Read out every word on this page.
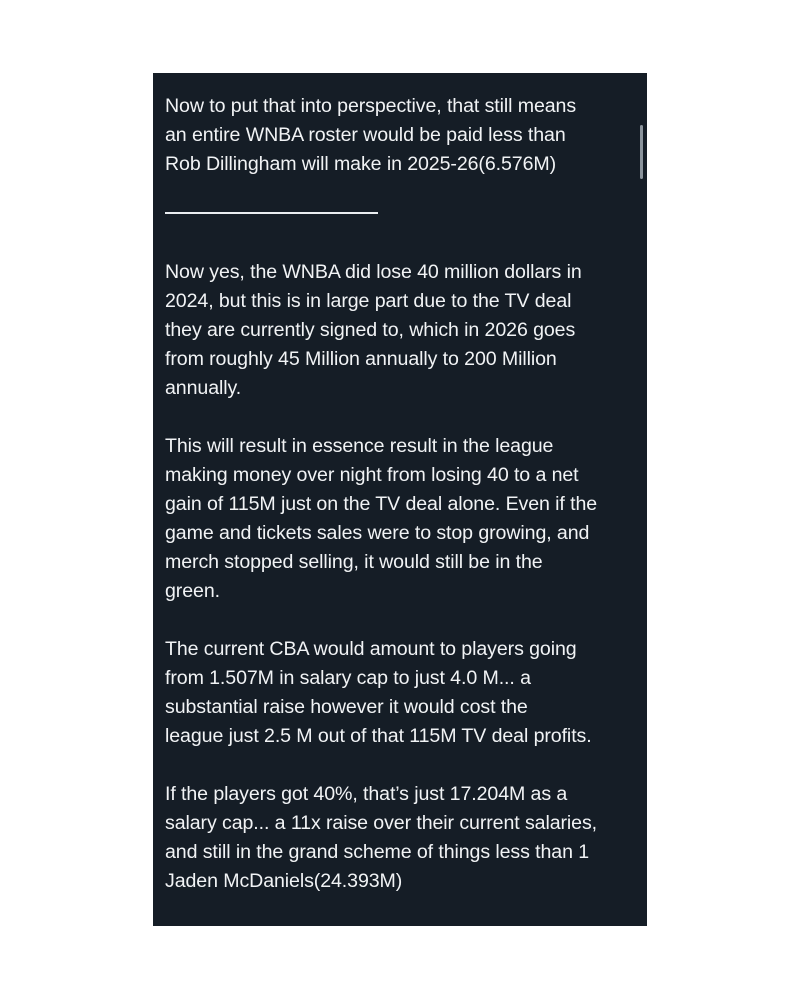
Now to put that into perspective, that still means
an entire WNBA roster would be paid less than
Rob Dillingham will make in 2025-26(6.576M)

Now yes, the WNBA did lose 40 million dollars in
2024, but this is in large part due to the TV deal
they are currently signed to, which in 2026 goes
from roughly 45 Million annually to 200 Million
annually.

This will result in essence result in the league
making money over night from losing 40 to a net
gain of 115M just on the TV deal alone. Even if the
game and tickets sales were to stop growing, and
merch stopped selling, it would still be in the
green.

The current CBA would amount to players going
from 1.507M in salary cap to just 4.0 M... a
substantial raise however it would cost the
league just 2.5 M out of that 115M TV deal profits.

If the players got 40%, that’s just 17.204M as a
salary cap... a 11x raise over their current salaries,
and still in the grand scheme of things less than 1
Jaden McDaniels(24.393M)
